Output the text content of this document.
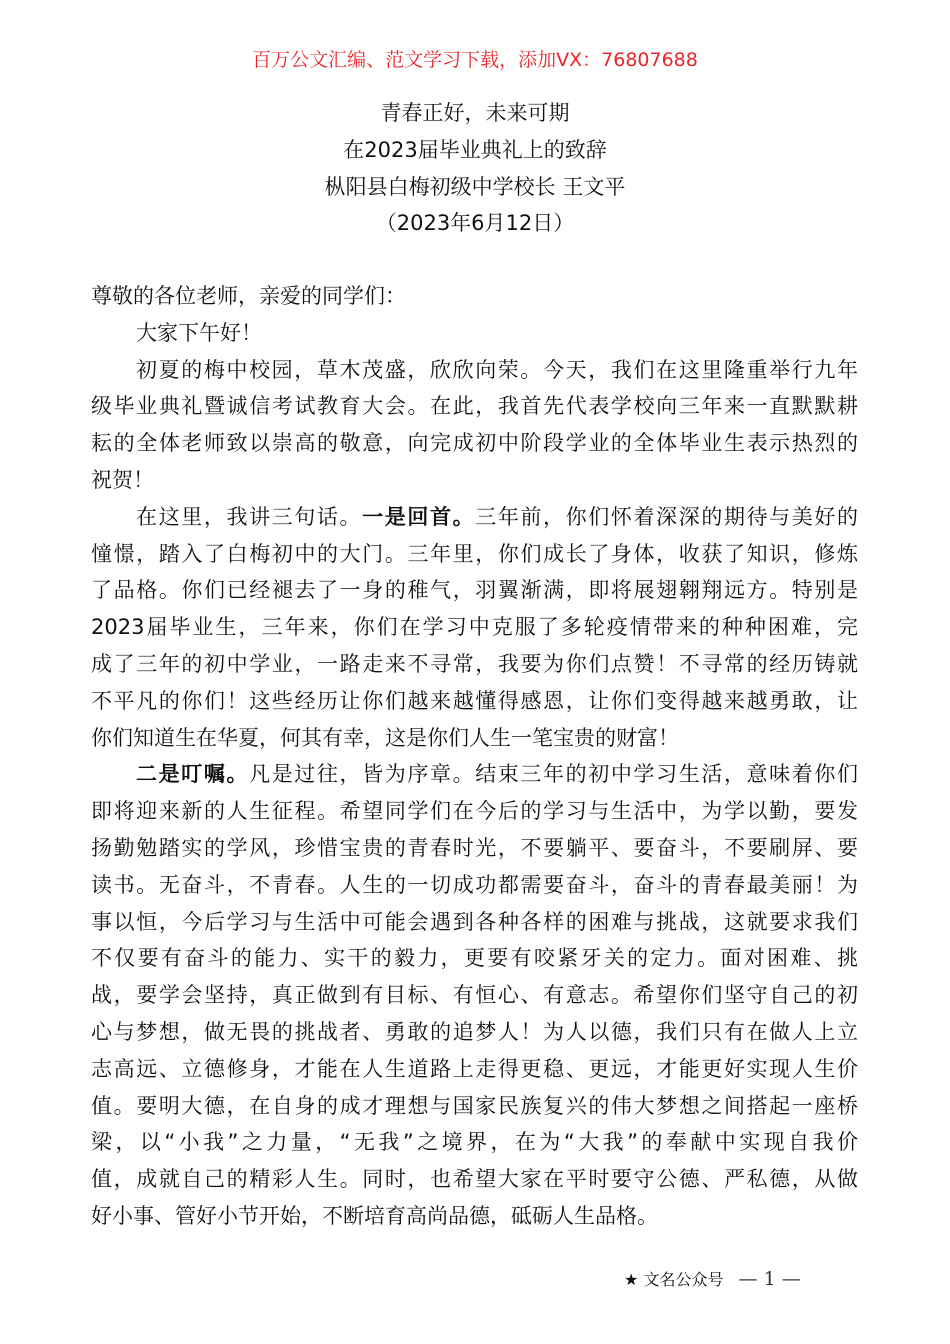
百万公文汇编、范文学习下载，添加VX：76807688
青春正好，未来可期
在2023届毕业典礼上的致辞
枞阳县白梅初级中学校长 王文平
（2023年6月12日）
尊敬的各位老师，亲爱的同学们：
大家下午好！
初夏的梅中校园，草木茂盛，欣欣向荣。今天，我们在这里隆重举行九年
级毕业典礼暨诚信考试教育大会。在此，我首先代表学校向三年来一直默默耕
耘的全体老师致以崇高的敬意，向完成初中阶段学业的全体毕业生表示热烈的
祝贺！
在这里，我讲三句话。一是回首。三年前，你们怀着深深的期待与美好的
憧憬，踏入了白梅初中的大门。三年里，你们成长了身体，收获了知识，修炼
了品格。你们已经褪去了一身的稚气，羽翼渐满，即将展翅翱翔远方。特别是
2023届毕业生，三年来，你们在学习中克服了多轮疫情带来的种种困难，完
成了三年的初中学业，一路走来不寻常，我要为你们点赞！不寻常的经历铸就
不平凡的你们！这些经历让你们越来越懂得感恩，让你们变得越来越勇敢，让
你们知道生在华夏，何其有幸，这是你们人生一笔宝贵的财富！
二是叮嘱。凡是过往，皆为序章。结束三年的初中学习生活，意味着你们
即将迎来新的人生征程。希望同学们在今后的学习与生活中，为学以勤，要发
扬勤勉踏实的学风，珍惜宝贵的青春时光，不要躺平、要奋斗，不要刷屏、要
读书。无奋斗，不青春。人生的一切成功都需要奋斗，奋斗的青春最美丽！为
事以恒，今后学习与生活中可能会遇到各种各样的困难与挑战，这就要求我们
不仅要有奋斗的能力、实干的毅力，更要有咬紧牙关的定力。面对困难、挑
战，要学会坚持，真正做到有目标、有恒心、有意志。希望你们坚守自己的初
心与梦想，做无畏的挑战者、勇敢的追梦人！为人以德，我们只有在做人上立
志高远、立德修身，才能在人生道路上走得更稳、更远，才能更好实现人生价
值。要明大德，在自身的成才理想与国家民族复兴的伟大梦想之间搭起一座桥
梁，以“小我”之力量，“无我”之境界，在为“大我”的奉献中实现自我价
值，成就自己的精彩人生。同时，也希望大家在平时要守公德、严私德，从做
好小事、管好小节开始，不断培育高尚品德，砥砺人生品格。
★ 文名公众号 — 1 —
